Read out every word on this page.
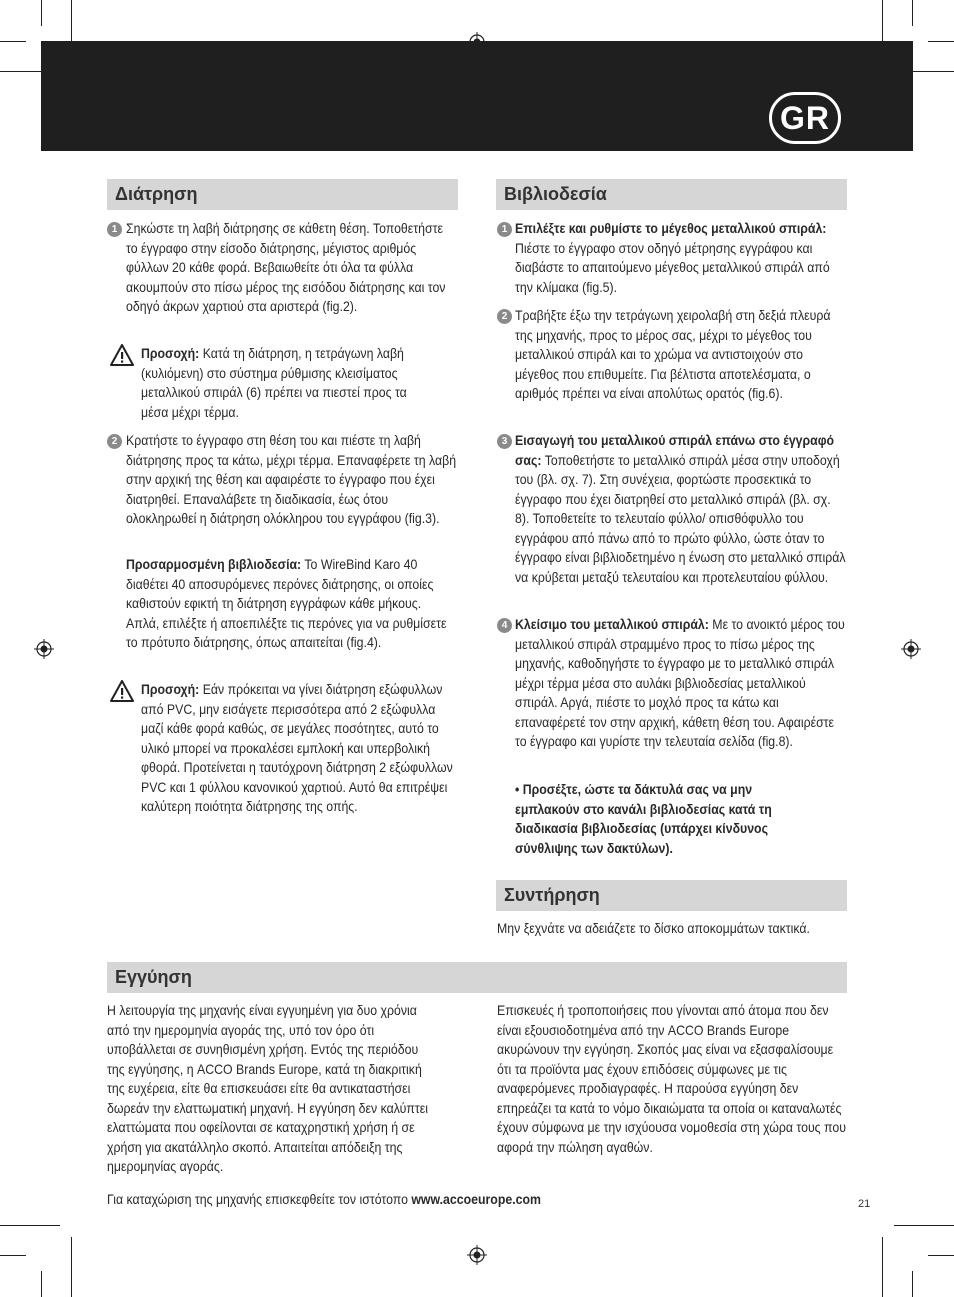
GR
Διάτρηση
1 Σηκώστε τη λαβή διάτρησης σε κάθετη θέση. Τοποθετήστε το έγγραφο στην είσοδο διάτρησης, μέγιστος αριθμός φύλλων 20 κάθε φορά. Βεβαιωθείτε ότι όλα τα φύλλα ακουμπούν στο πίσω μέρος της εισόδου διάτρησης και τον οδηγό άκρων χαρτιού στα αριστερά (fig.2).
Προσοχή: Κατά τη διάτρηση, η τετράγωνη λαβή (κυλιόμενη) στο σύστημα ρύθμισης κλεισίματος μεταλλικού σπιράλ (6) πρέπει να πιεστεί προς τα μέσα μέχρι τέρμα.
2 Κρατήστε το έγγραφο στη θέση του και πιέστε τη λαβή διάτρησης προς τα κάτω, μέχρι τέρμα. Επαναφέρετε τη λαβή στην αρχική της θέση και αφαιρέστε το έγγραφο που έχει διατρηθεί. Επαναλάβετε τη διαδικασία, έως ότου ολοκληρωθεί η διάτρηση ολόκληρου του εγγράφου (fig.3).
Προσαρμοσμένη βιβλιοδεσία: Το WireBind Karo 40 διαθέτει 40 αποσυρόμενες περόνες διάτρησης, οι οποίες καθιστούν εφικτή τη διάτρηση εγγράφων κάθε μήκους. Απλά, επιλέξτε ή αποεπιλέξτε τις περόνες για να ρυθμίσετε το πρότυπο διάτρησης, όπως απαιτείται (fig.4).
Προσοχή: Εάν πρόκειται να γίνει διάτρηση εξώφυλλων από PVC, μην εισάγετε περισσότερα από 2 εξώφυλλα μαζί κάθε φορά καθώς, σε μεγάλες ποσότητες, αυτό το υλικό μπορεί να προκαλέσει εμπλοκή και υπερβολική φθορά. Προτείνεται η ταυτόχρονη διάτρηση 2 εξώφυλλων PVC και 1 φύλλου κανονικού χαρτιού. Αυτό θα επιτρέψει καλύτερη ποιότητα διάτρησης της οπής.
Βιβλιοδεσία
1 Επιλέξτε και ρυθμίστε το μέγεθος μεταλλικού σπιράλ: Πιέστε το έγγραφο στον οδηγό μέτρησης εγγράφου και διαβάστε το απαιτούμενο μέγεθος μεταλλικού σπιράλ από την κλίμακα (fig.5).
2 Τραβήξτε έξω την τετράγωνη χειρολαβή στη δεξιά πλευρά της μηχανής, προς το μέρος σας, μέχρι το μέγεθος του μεταλλικού σπιράλ και το χρώμα να αντιστοιχούν στο μέγεθος που επιθυμείτε. Για βέλτιστα αποτελέσματα, ο αριθμός πρέπει να είναι απολύτως ορατός (fig.6).
3 Εισαγωγή του μεταλλικού σπιράλ επάνω στο έγγραφό σας: Τοποθετήστε το μεταλλικό σπιράλ μέσα στην υποδοχή του (βλ. σχ. 7). Στη συνέχεια, φορτώστε προσεκτικά το έγγραφο που έχει διατρηθεί στο μεταλλικό σπιράλ (βλ. σχ. 8). Τοποθετείτε το τελευταίο φύλλο/ οπισθόφυλλο του εγγράφου από πάνω από το πρώτο φύλλο, ώστε όταν το έγγραφο είναι βιβλιοδετημένο η ένωση στο μεταλλικό σπιράλ να κρύβεται μεταξύ τελευταίου και προτελευταίου φύλλου.
4 Κλείσιμο του μεταλλικού σπιράλ: Με το ανοικτό μέρος του μεταλλικού σπιράλ στραμμένο προς το πίσω μέρος της μηχανής, καθοδηγήστε το έγγραφο με το μεταλλικό σπιράλ μέχρι τέρμα μέσα στο αυλάκι βιβλιοδεσίας μεταλλικού σπιράλ. Αργά, πιέστε το μοχλό προς τα κάτω και επαναφέρετέ τον στην αρχική, κάθετη θέση του. Αφαιρέστε το έγγραφο και γυρίστε την τελευταία σελίδα (fig.8).
• Προσέξτε, ώστε τα δάκτυλά σας να μην εμπλακούν στο κανάλι βιβλιοδεσίας κατά τη διαδικασία βιβλιοδεσίας (υπάρχει κίνδυνος σύνθλιψης των δακτύλων).
Συντήρηση
Μην ξεχνάτε να αδειάζετε το δίσκο αποκομμάτων τακτικά.
Εγγύηση
Η λειτουργία της μηχανής είναι εγγυημένη για δυο χρόνια από την ημερομηνία αγοράς της, υπό τον όρο ότι υποβάλλεται σε συνηθισμένη χρήση. Εντός της περιόδου της εγγύησης, η ACCO Brands Europe, κατά τη διακριτική της ευχέρεια, είτε θα επισκευάσει είτε θα αντικαταστήσει δωρεάν την ελαττωματική μηχανή. Η εγγύηση δεν καλύπτει ελαττώματα που οφείλονται σε καταχρηστική χρήση ή σε χρήση για ακατάλληλο σκοπό. Απαιτείται απόδειξη της ημερομηνίας αγοράς.
Επισκευές ή τροποποιήσεις που γίνονται από άτομα που δεν είναι εξουσιοδοτημένα από την ACCO Brands Europe ακυρώνουν την εγγύηση. Σκοπός μας είναι να εξασφαλίσουμε ότι τα προϊόντα μας έχουν επιδόσεις σύμφωνες με τις αναφερόμενες προδιαγραφές. Η παρούσα εγγύηση δεν επηρεάζει τα κατά το νόμο δικαιώματα τα οποία οι καταναλωτές έχουν σύμφωνα με την ισχύουσα νομοθεσία στη χώρα τους που αφορά την πώληση αγαθών.
Για καταχώριση της μηχανής επισκεφθείτε τον ιστότοπο www.accoeurope.com	21
